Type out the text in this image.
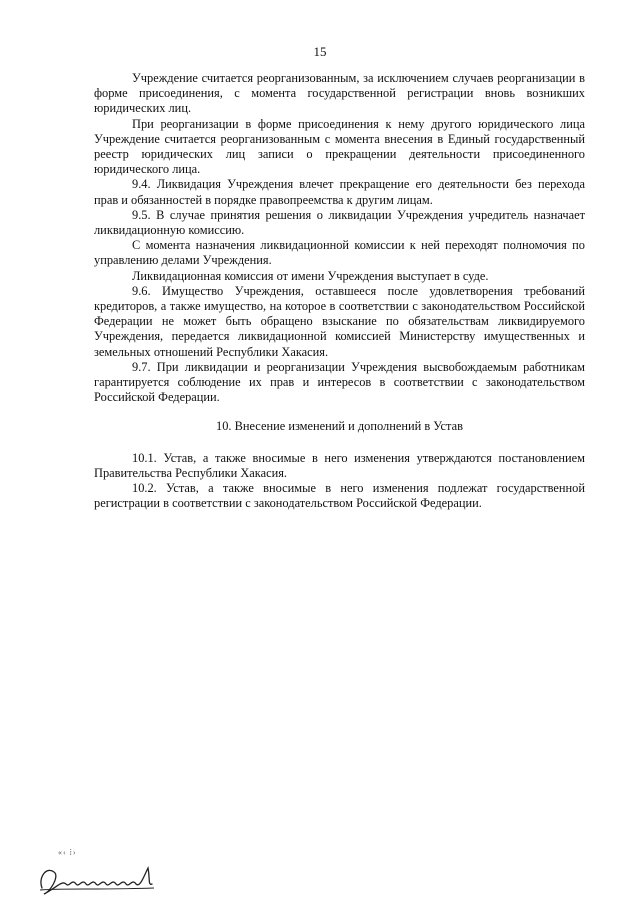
15

Учреждение считается реорганизованным, за исключением случаев реорганизации в форме присоединения, с момента государственной регистрации вновь возникших юридических лиц.

При реорганизации в форме присоединения к нему другого юридического лица Учреждение считается реорганизованным с момента внесения в Единый государственный реестр юридических лиц записи о прекращении деятельности присоединенного юридического лица.

9.4. Ликвидация Учреждения влечет прекращение его деятельности без перехода прав и обязанностей в порядке правопреемства к другим лицам.

9.5. В случае принятия решения о ликвидации Учреждения учредитель назначает ликвидационную комиссию.

С момента назначения ликвидационной комиссии к ней переходят полномочия по управлению делами Учреждения.

Ликвидационная комиссия от имени Учреждения выступает в суде.

9.6. Имущество Учреждения, оставшееся после удовлетворения требований кредиторов, а также имущество, на которое в соответствии с законодательством Российской Федерации не может быть обращено взыскание по обязательствам ликвидируемого Учреждения, передается ликвидационной комиссией Министерству имущественных и земельных отношений Республики Хакасия.

9.7. При ликвидации и реорганизации Учреждения высвобождаемым работникам гарантируется соблюдение их прав и интересов в соответствии с законодательством Российской Федерации.

10. Внесение изменений и дополнений в Устав

10.1. Устав, а также вносимые в него изменения утверждаются постановлением Правительства Республики Хакасия.

10.2. Устав, а также вносимые в него изменения подлежат государственной регистрации в соответствии с законодательством Российской Федерации.

«‹ ⁞›
